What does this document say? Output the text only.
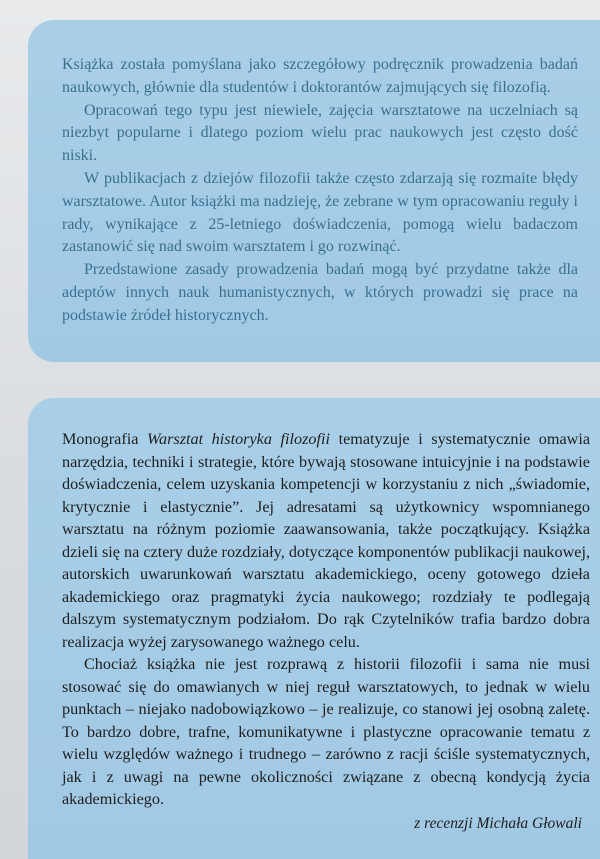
Książka została pomyślana jako szczegółowy podręcznik prowadzenia badań naukowych, głównie dla studentów i doktorantów zajmujących się filozofią.

Opracowań tego typu jest niewiele, zajęcia warsztatowe na uczelniach są niezbyt popularne i dlatego poziom wielu prac naukowych jest często dość niski.

W publikacjach z dziejów filozofii także często zdarzają się rozmaite błędy warsztatowe. Autor książki ma nadzieję, że zebrane w tym opracowaniu reguły i rady, wynikające z 25-letniego doświadczenia, pomogą wielu badaczom zastanowić się nad swoim warsztatem i go rozwinąć.

Przedstawione zasady prowadzenia badań mogą być przydatne także dla adeptów innych nauk humanistycznych, w których prowadzi się prace na podstawie źródeł historycznych.

Monografia Warsztat historyka filozofii tematyzuje i systematycznie omawia narzędzia, techniki i strategie, które bywają stosowane intuicyjnie i na podstawie doświadczenia, celem uzyskania kompetencji w korzystaniu z nich „świadomie, krytycznie i elastycznie”. Jej adresatami są użytkownicy wspomnianego warsztatu na różnym poziomie zaawansowania, także początkujący. Książka dzieli się na cztery duże rozdziały, dotyczące komponentów publikacji naukowej, autorskich uwarunkowań warsztatu akademickiego, oceny gotowego dzieła akademickiego oraz pragmatyki życia naukowego; rozdziały te podlegają dalszym systematycznym podziałom. Do rąk Czytelników trafia bardzo dobra realizacja wyżej zarysowanego ważnego celu.

Chociaż książka nie jest rozprawą z historii filozofii i sama nie musi stosować się do omawianych w niej reguł warsztatowych, to jednak w wielu punktach – niejako nadobowiązkowo – je realizuje, co stanowi jej osobną zaletę. To bardzo dobre, trafne, komunikatywne i plastyczne opracowanie tematu z wielu względów ważnego i trudnego – zarówno z racji ściśle systematycznych, jak i z uwagi na pewne okoliczności związane z obecną kondycją życia akademickiego.

z recenzji Michała Głowali
